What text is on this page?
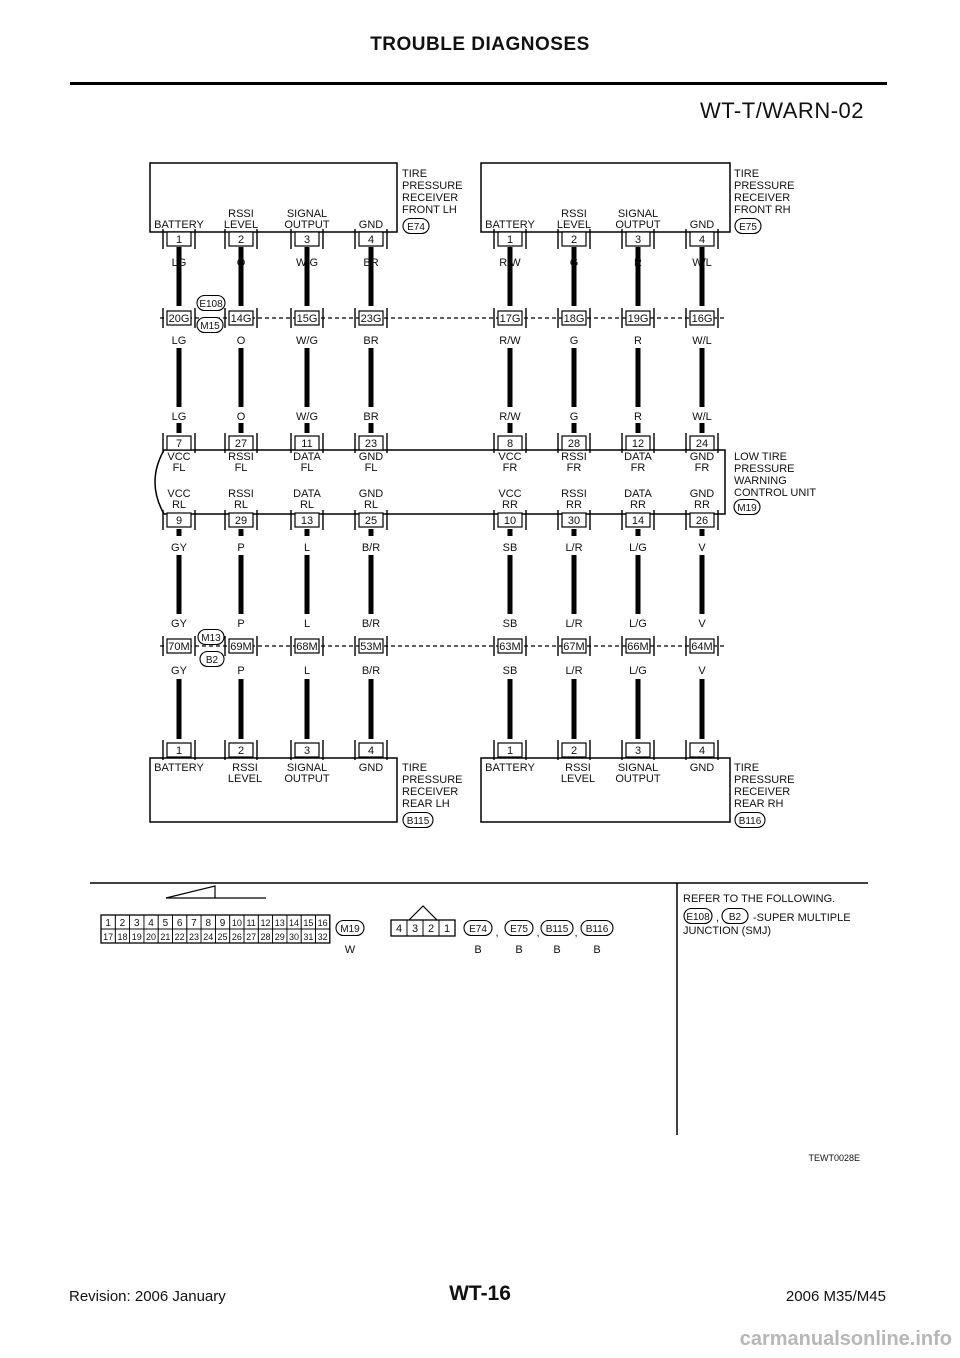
TROUBLE DIAGNOSES
WT-T/WARN-02
TIRE
PRESSURE
RECEIVER
FRONT LH
E74
TIRE
PRESSURE
RECEIVER
FRONT RH
E75
TIRE
PRESSURE
RECEIVER
REAR LH
B115
TIRE
PRESSURE
RECEIVER
REAR RH
B116
BATTERY
RSSI
LEVEL
SIGNAL
OUTPUT	GND
1	2	3	4
BATTERY
RSSI
LEVEL
SIGNAL
OUTPUT	GND
1	2	3	4
1	2	3	4
BATTERY	RSSI
LEVEL
SIGNAL
OUTPUT
GND
1	2	3	4
BATTERY	RSSI
LEVEL
SIGNAL
OUTPUT
GND
LG	O	W/G	BR	R/W	G	R	W/L
20G	14G	15G	23G	17G	18G	19G	16G
E108
M15
LG
LG
O
O
W/G
W/G
BR
BR
R/W
R/W
G
G
R
R
W/L
W/L
7	27	11	23	8	28	12	24
VCC
FL
VCC
RL
RSSI
FL
RSSI
RL
DATA
FL
DATA
RL
GND
FL
GND
RL
VCC
FR
VCC
RR
RSSI
FR
RSSI
RR
DATA
FR
DATA
RR
GND
FR
GND
RR
9	29	13	25	10	30	14	26
LOW TIRE
PRESSURE
WARNING
CONTROL UNIT
M19
GY
GY
P
P
L
L
B/R
B/R
SB
SB
L/R
L/R
L/G
L/G
V
V
70M	69M	68M	53M	63M	67M	66M	64M
M13
B2
GY	P	L	B/R	SB	L/R	L/G	V
1 2 3 4 5 6 7 8 9 10 11 12 13 14 15 16
17 18 19 20 21 22 23 24 25 26 27 28 29 30 31 32
M19
W
4 3 2 1 E74
B
, E75
B
, B115
B
, B116
B
REFER TO THE FOLLOWING.
E108 , B2 -SUPER MULTIPLE
JUNCTION (SMJ)
TEWT0028E
WT-16
Revision: 2006 January	2006 M35/M45
carmanualsonline.info
